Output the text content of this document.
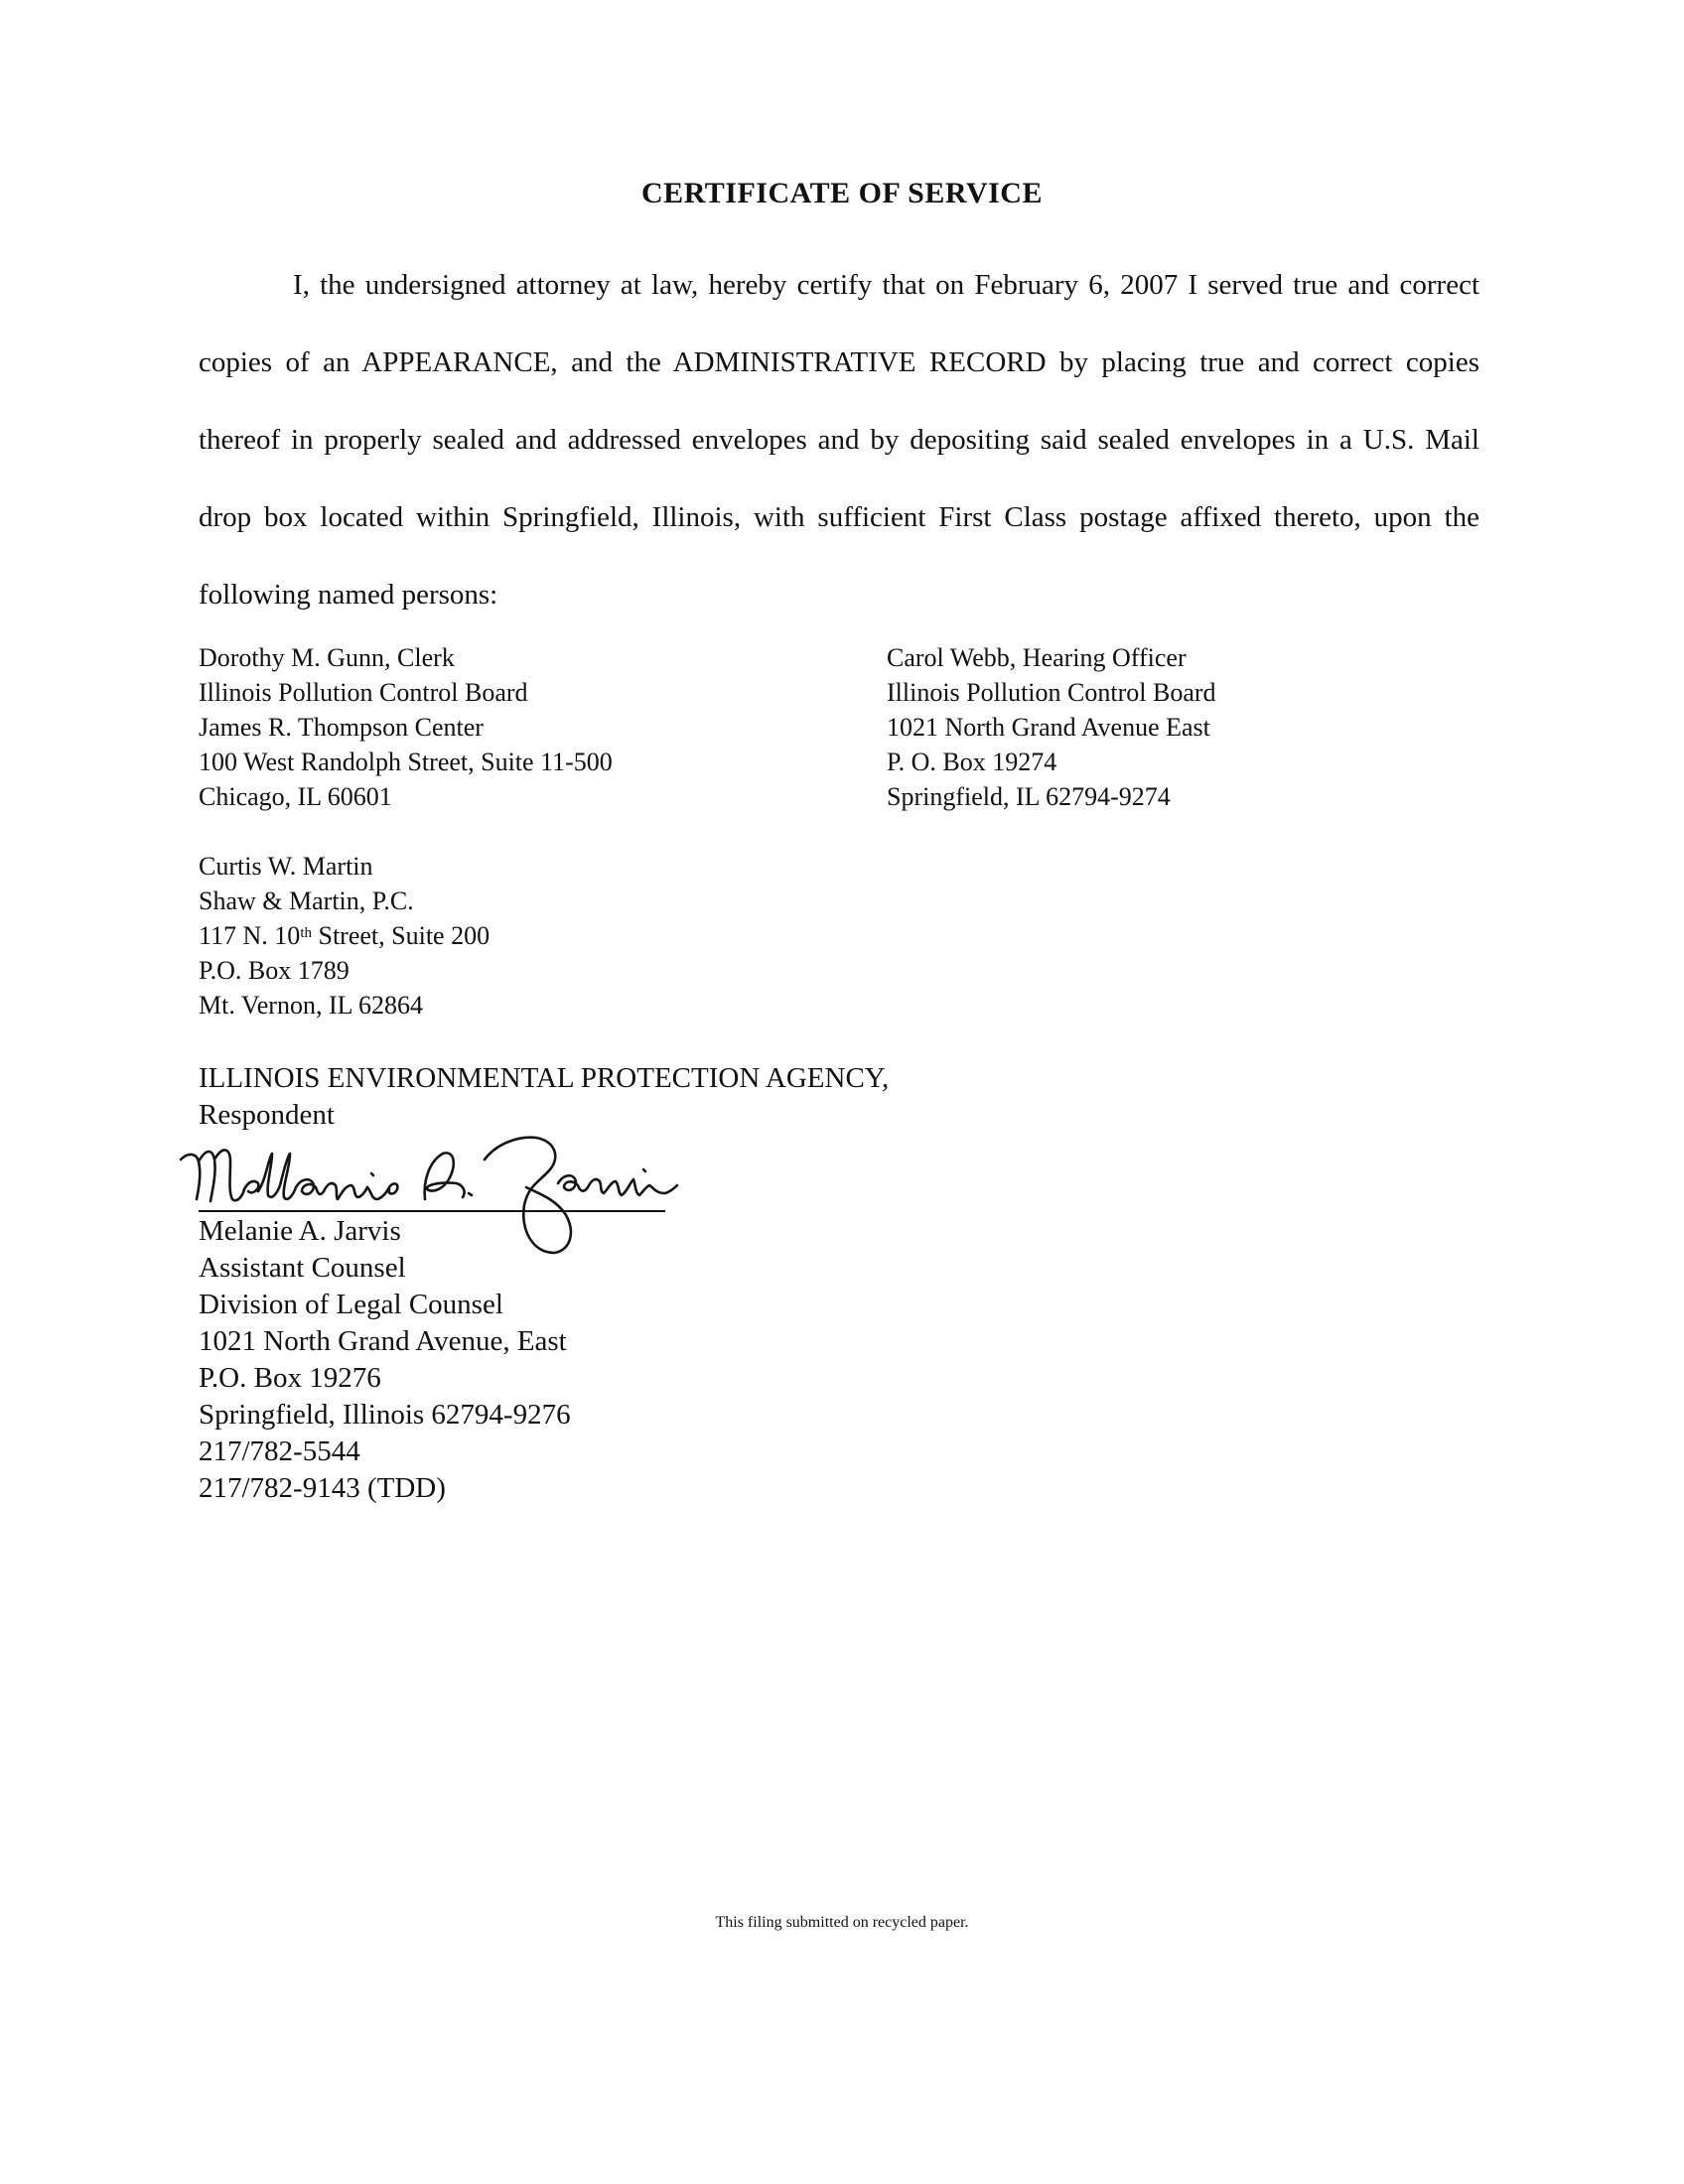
CERTIFICATE OF SERVICE

I, the undersigned attorney at law, hereby certify that on February 6, 2007 I served true and correct copies of an APPEARANCE, and the ADMINISTRATIVE RECORD by placing true and correct copies thereof in properly sealed and addressed envelopes and by depositing said sealed envelopes in a U.S. Mail drop box located within Springfield, Illinois, with sufficient First Class postage affixed thereto, upon the following named persons:

Dorothy M. Gunn, Clerk
Illinois Pollution Control Board
James R. Thompson Center
100 West Randolph Street, Suite 11-500
Chicago, IL 60601
Carol Webb, Hearing Officer
Illinois Pollution Control Board
1021 North Grand Avenue East
P. O. Box 19274
Springfield, IL 62794-9274
Curtis W. Martin
Shaw & Martin, P.C.
117 N. 10th Street, Suite 200
P.O. Box 1789
Mt. Vernon, IL 62864
ILLINOIS ENVIRONMENTAL PROTECTION AGENCY,
Respondent
Melanie A. Jarvis
Assistant Counsel
Division of Legal Counsel
1021 North Grand Avenue, East
P.O. Box 19276
Springfield, Illinois 62794-9276
217/782-5544
217/782-9143 (TDD)
This filing submitted on recycled paper.
